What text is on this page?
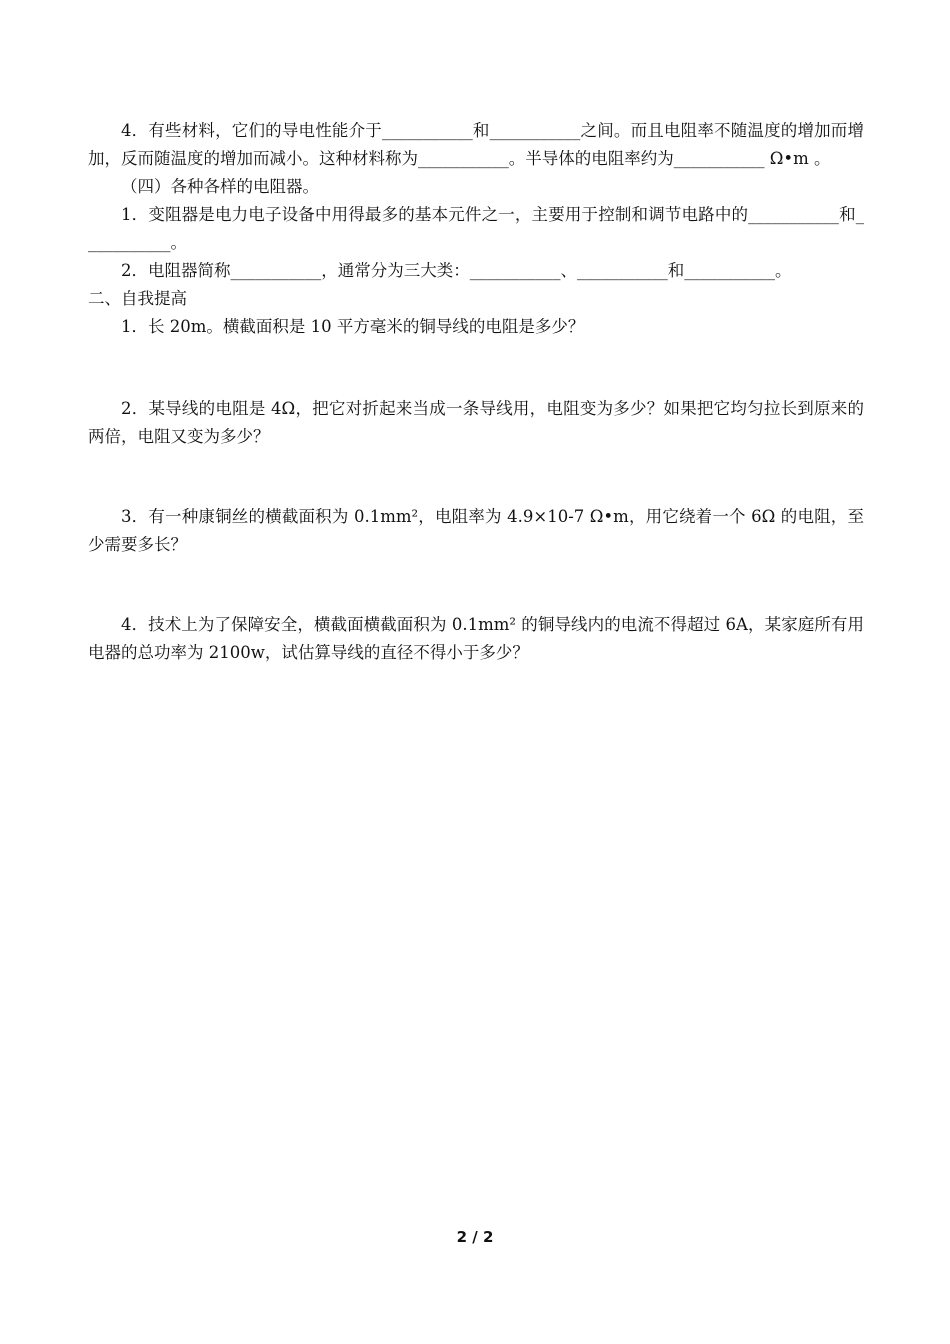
4．有些材料，它们的导电性能介于___________和___________之间。而且电阻率不随温度的增加而增加，反而随温度的增加而减小。这种材料称为___________。半导体的电阻率约为___________ Ω•m 。

（四）各种各样的电阻器。

1．变阻器是电力电子设备中用得最多的基本元件之一，主要用于控制和调节电路中的___________和___________。

2．电阻器简称___________，通常分为三大类：___________、___________和___________。

二、自我提高

1．长 20m。横截面积是 10 平方毫米的铜导线的电阻是多少？

2．某导线的电阻是 4Ω，把它对折起来当成一条导线用，电阻变为多少？如果把它均匀拉长到原来的两倍，电阻又变为多少？

3．有一种康铜丝的横截面积为 0.1mm²，电阻率为 4.9×10-7 Ω•m，用它绕着一个 6Ω 的电阻，至少需要多长？

4．技术上为了保障安全，横截面横截面积为 0.1mm² 的铜导线内的电流不得超过 6A，某家庭所有用电器的总功率为 2100w，试估算导线的直径不得小于多少？

2 / 2
